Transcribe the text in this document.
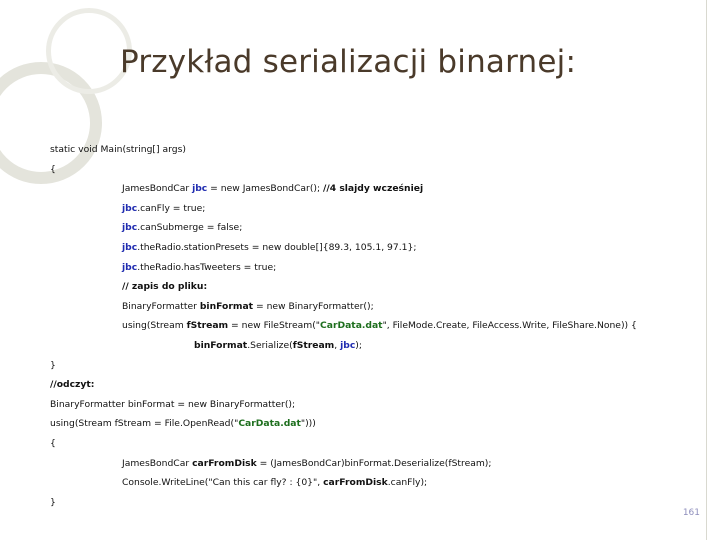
Przykład serializacji binarnej:
static void Main(string[] args)
{
JamesBondCar jbc = new JamesBondCar(); //4 slajdy wcześniej
jbc.canFly = true;
jbc.canSubmerge = false;
jbc.theRadio.stationPresets = new double[]{89.3, 105.1, 97.1};
jbc.theRadio.hasTweeters = true;
// zapis do pliku:
BinaryFormatter binFormat = new BinaryFormatter();
using(Stream fStream = new FileStream("CarData.dat", FileMode.Create, FileAccess.Write, FileShare.None)) {
binFormat.Serialize(fStream, jbc);
}
//odczyt:
BinaryFormatter binFormat = new BinaryFormatter();
using(Stream fStream = File.OpenRead("CarData.dat")))
{
JamesBondCar carFromDisk = (JamesBondCar)binFormat.Deserialize(fStream);
Console.WriteLine("Can this car fly? : {0}", carFromDisk.canFly);
}
161
